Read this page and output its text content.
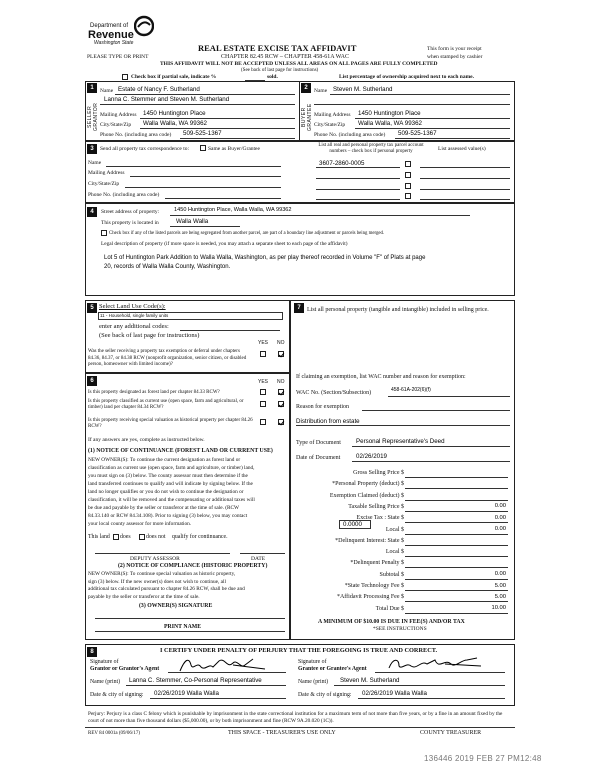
Department of
Revenue
Washington State
PLEASE TYPE OR PRINT
REAL ESTATE EXCISE TAX AFFIDAVIT
CHAPTER 82.45 RCW – CHAPTER 458-61A WAC
THIS AFFIDAVIT WILL NOT BE ACCEPTED UNLESS ALL AREAS ON ALL PAGES ARE FULLY COMPLETED
(See back of last page for instructions)
This form is your receipt
when stamped by cashier
Check box if partial sale, indicate %	sold.	List percentage of ownership acquired next to each name.
1	2
SELLER GRANTOR	BUYER GRANTEE
Name Estate of Nancy F. Sutherland
Lanna C. Stemmer and Steven M. Sutherland
Mailing Address 1450 Huntington Place
City/State/Zip Walla Walla, WA 99362
Phone No. (including area code) 509-525-1367
Name Steven M. Sutherland
Mailing Address 1450 Huntington Place
City/State/Zip Walla Walla, WA 99362
Phone No. (including area code) 509-525-1367
3	Send all property tax correspondence to:	Same as Buyer/Grantee
List all real and personal property tax parcel account numbers – check box if personal property	List assessed value(s)
Name
Mailing Address
City/State/Zip
Phone No. (including area code)
3607-2860-0005
4	Street address of property:	1450 Huntington Place, Walla Walla, WA 99362
This property is located in	Walla Walla
Check box if any of the listed parcels are being segregated from another parcel, are part of a boundary line adjustment or parcels being merged.
Legal description of property (if more space is needed, you may attach a separate sheet to each page of the affidavit)
Lot 5 of Huntington Park Addition to Walla Walla, Washington, as per play thereof recorded in Volume "F" of Plats at page
20, records of Walla Walla County, Washington.
5 Select Land Use Code(s):
11 - Household, single family units
enter any additional codes:
(See back of last page for instructions)
YES NO
Was the seller receiving a property tax exemption or deferral under chapters 84.36, 84.37, or 84.38 RCW (nonprofit organization, senior citizen, or disabled person, homeowner with limited income)?
6	YES NO
Is this property designated as forest land per chapter 84.33 RCW?
Is this property classified as current use (open space, farm and agricultural, or timber) land per chapter 84.34 RCW?
Is this property receiving special valuation as historical property per chapter 84.26 RCW?
If any answers are yes, complete as instructed below.
(1) NOTICE OF CONTINUANCE (FOREST LAND OR CURRENT USE)
NEW OWNER(S): To continue the current designation as forest land or
classification as current use (open space, farm and agriculture, or timber) land,
you must sign on (3) below. The county assessor must then determine if the
land transferred continues to qualify and will indicate by signing below. If the
land no longer qualifies or you do not wish to continue the designation or
classification, it will be removed and the compensating or additional taxes will
be due and payable by the seller or transferor at the time of sale. (RCW
84.33.140 or RCW 84.34.108). Prior to signing (3) below, you may contact
your local county assessor for more information.
This land does	does not qualify for continuance.
DEPUTY ASSESSOR	DATE
(2) NOTICE OF COMPLIANCE (HISTORIC PROPERTY)
NEW OWNER(S): To continue special valuation as historic property,
sign (3) below. If the new owner(s) does not wish to continue, all
additional tax calculated pursuant to chapter 84.26 RCW, shall be due and
payable by the seller or transferor at the time of sale.
(3) OWNER(S) SIGNATURE
PRINT NAME
7	List all personal property (tangible and intangible) included in selling price.
If claiming an exemption, list WAC number and reason for exemption:
WAC No. (Section/Subsection)	458-61A-202(6)(f)
Reason for exemption
Distribution from estate
Type of Document Personal Representative's Deed
Date of Document	02/26/2019
Gross Selling Price $
*Personal Property (deduct) $
Exemption Claimed (deduct) $
Taxable Selling Price $	0.00
Excise Tax : State $	0.00
Local $	0.00
*Delinquent Interest: State $
Local $
*Delinquent Penalty $
Subtotal $	0.00
*State Technology Fee $	5.00
*Affidavit Processing Fee $	5.00
Total Due $	10.00
0.0000
A MINIMUM OF $10.00 IS DUE IN FEE(S) AND/OR TAX
*SEE INSTRUCTIONS
8	I CERTIFY UNDER PENALTY OF PERJURY THAT THE FOREGOING IS TRUE AND CORRECT.
Signature of
Grantor or Grantor's Agent
Signature of
Grantee or Grantee's Agent
Name (print) Lanna C. Stemmer, Co-Personal Representative	Name (print) Steven M. Sutherland
Date & city of signing: 02/26/2019 Walla Walla	Date & city of signing: 02/26/2019 Walla Walla
Perjury: Perjury is a class C felony which is punishable by imprisonment in the state correctional institution for a maximum term of not more than five years, or by a fine in an amount fixed by the court of not more than five thousand dollars ($5,000.00), or by both imprisonment and fine (RCW 9A.20.020 (1C)).
REV 84 0001a (09/06/17)	THIS SPACE - TREASURER'S USE ONLY	COUNTY TREASURER
136446 2019 FEB 27 PM12:48
